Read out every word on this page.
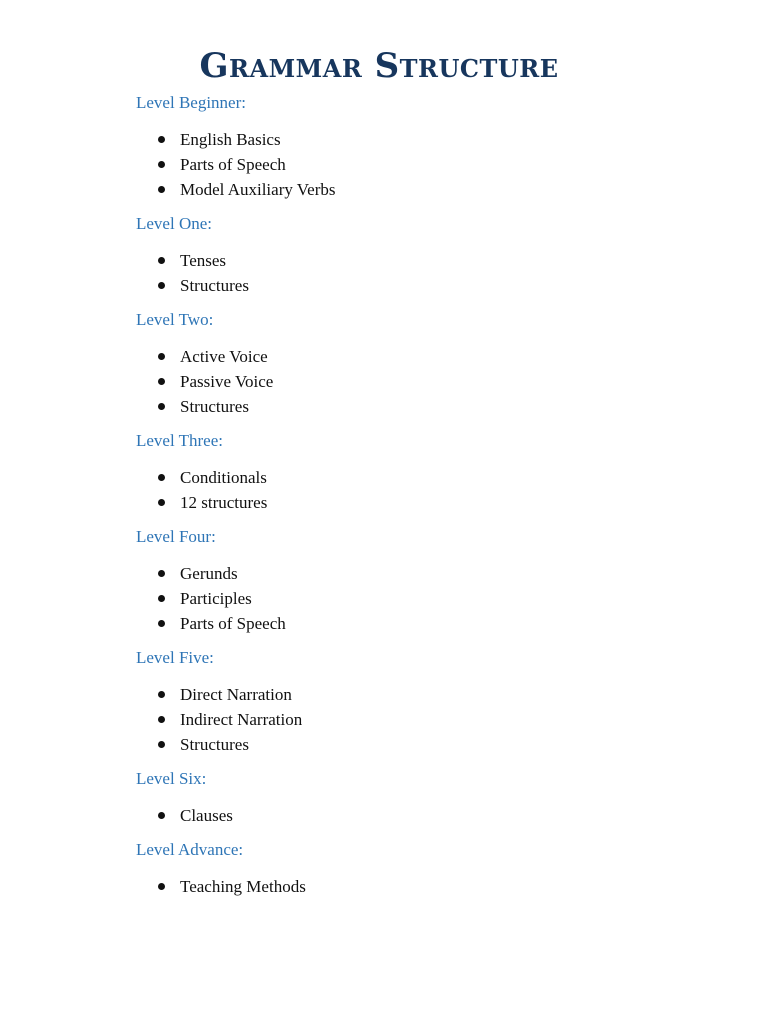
Grammar Structure
Level Beginner:
English Basics
Parts of Speech
Model Auxiliary Verbs
Level One:
Tenses
Structures
Level Two:
Active Voice
Passive Voice
Structures
Level Three:
Conditionals
12 structures
Level Four:
Gerunds
Participles
Parts of Speech
Level Five:
Direct Narration
Indirect Narration
Structures
Level Six:
Clauses
Level Advance:
Teaching Methods
